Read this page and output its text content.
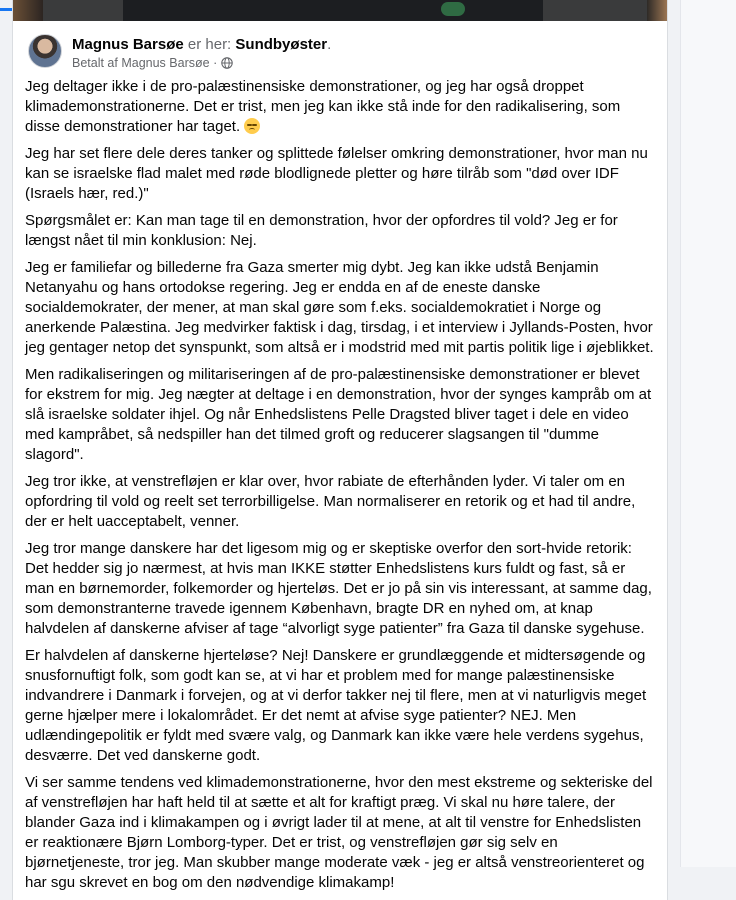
Magnus Barsøe er her: Sundbyøster.
Betalt af Magnus Barsøe ·

Jeg deltager ikke i de pro-palæstinensiske demonstrationer, og jeg har også droppet klimademonstrationerne. Det er trist, men jeg kan ikke stå inde for den radikalisering, som disse demonstrationer har taget.

Jeg har set flere dele deres tanker og splittede følelser omkring demonstrationer, hvor man nu kan se israelske flad malet med røde blodlignede pletter og høre tilråb som "død over IDF (Israels hær, red.)"

Spørgsmålet er: Kan man tage til en demonstration, hvor der opfordres til vold? Jeg er for længst nået til min konklusion: Nej.

Jeg er familiefar og billederne fra Gaza smerter mig dybt. Jeg kan ikke udstå Benjamin Netanyahu og hans ortodokse regering. Jeg er endda en af de eneste danske socialdemokrater, der mener, at man skal gøre som f.eks. socialdemokratiet i Norge og anerkende Palæstina. Jeg medvirker faktisk i dag, tirsdag, i et interview i Jyllands-Posten, hvor jeg gentager netop det synspunkt, som altså er i modstrid med mit partis politik lige i øjeblikket.

Men radikaliseringen og militariseringen af de pro-palæstinensiske demonstrationer er blevet for ekstrem for mig. Jeg nægter at deltage i en demonstration, hvor der synges kampråb om at slå israelske soldater ihjel. Og når Enhedslistens Pelle Dragsted bliver taget i dele en video med kampråbet, så nedspiller han det tilmed groft og reducerer slagsangen til "dumme slagord".

Jeg tror ikke, at venstrefløjen er klar over, hvor rabiate de efterhånden lyder. Vi taler om en opfordring til vold og reelt set terrorbilligelse. Man normaliserer en retorik og et had til andre, der er helt uacceptabelt, venner.

Jeg tror mange danskere har det ligesom mig og er skeptiske overfor den sort-hvide retorik: Det hedder sig jo nærmest, at hvis man IKKE støtter Enhedslistens kurs fuldt og fast, så er man en børnemorder, folkemorder og hjerteløs. Det er jo på sin vis interessant, at samme dag, som demonstranterne travede igennem København, bragte DR en nyhed om, at knap halvdelen af danskerne afviser af tage “alvorligt syge patienter” fra Gaza til danske sygehuse.

Er halvdelen af danskerne hjerteløse? Nej! Danskere er grundlæggende et midtersøgende og snusfornuftigt folk, som godt kan se, at vi har et problem med for mange palæstinensiske indvandrere i Danmark i forvejen, og at vi derfor takker nej til flere, men at vi naturligvis meget gerne hjælper mere i lokalområdet. Er det nemt at afvise syge patienter? NEJ. Men udlændingepolitik er fyldt med svære valg, og Danmark kan ikke være hele verdens sygehus, desværre. Det ved danskerne godt.

Vi ser samme tendens ved klimademonstrationerne, hvor den mest ekstreme og sekteriske del af venstrefløjen har haft held til at sætte et alt for kraftigt præg. Vi skal nu høre talere, der blander Gaza ind i klimakampen og i øvrigt lader til at mene, at alt til venstre for Enhedslisten er reaktionære Bjørn Lomborg-typer. Det er trist, og venstrefløjen gør sig selv en bjørnetjeneste, tror jeg. Man skubber mange moderate væk - jeg er altså venstreorienteret og har sgu skrevet en bog om den nødvendige klimakamp!
